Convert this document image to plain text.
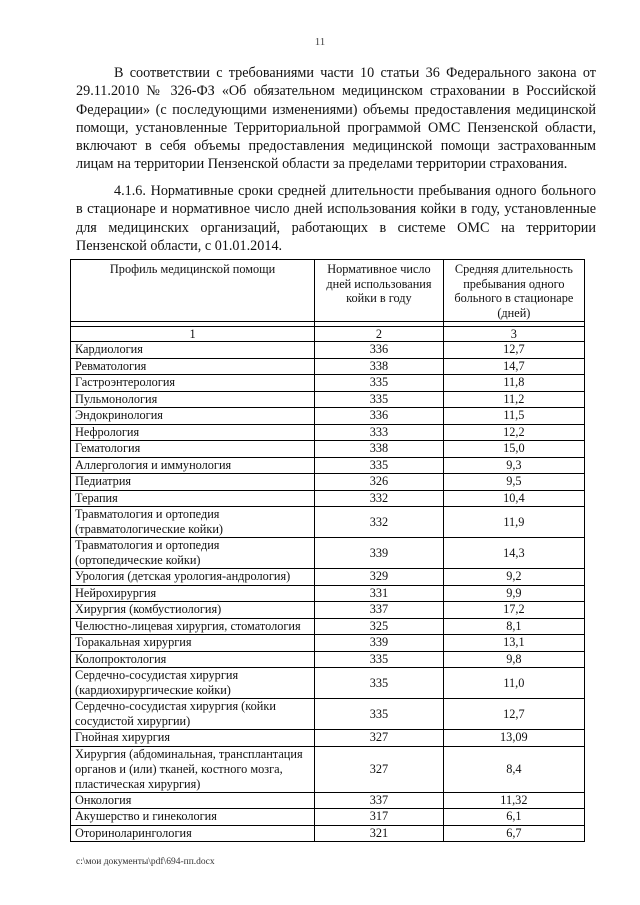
11

В соответствии с требованиями части 10 статьи 36 Федерального закона от 29.11.2010 № 326-ФЗ «Об обязательном медицинском страховании в Российской Федерации» (с последующими изменениями) объемы предоставления медицинской помощи, установленные Территориальной программой ОМС Пензенской области, включают в себя объемы предоставления медицинской помощи застрахованным лицам на территории Пензенской области за пределами территории страхования.

4.1.6. Нормативные сроки средней длительности пребывания одного больного в стационаре и нормативное число дней использования койки в году, установленные для медицинских организаций, работающих в системе ОМС на территории Пензенской области, с 01.01.2014.

Профиль медицинской помощи	Нормативное число дней использования койки в году	Средняя длительность пребывания одного больного в стационаре (дней)

1	2	3
Кардиология	336	12,7
Ревматология	338	14,7
Гастроэнтерология	335	11,8
Пульмонология	335	11,2
Эндокринология	336	11,5
Нефрология	333	12,2
Гематология	338	15,0
Аллергология и иммунология	335	9,3
Педиатрия	326	9,5
Терапия	332	10,4
Травматология и ортопедия (травматологические койки)	332	11,9
Травматология и ортопедия (ортопедические койки)	339	14,3
Урология (детская урология-андрология)	329	9,2
Нейрохирургия	331	9,9
Хирургия (комбустиология)	337	17,2
Челюстно-лицевая хирургия, стоматология	325	8,1
Торакальная хирургия	339	13,1
Колопроктология	335	9,8
Сердечно-сосудистая хирургия (кардиохирургические койки)	335	11,0
Сердечно-сосудистая хирургия (койки сосудистой хирургии)	335	12,7
Гнойная хирургия	327	13,09
Хирургия (абдоминальная, трансплантация органов и (или) тканей, костного мозга, пластическая хирургия)	327	8,4
Онкология	337	11,32
Акушерство и гинекология	317	6,1
Оториноларингология	321	6,7
c:\мои документы\pdf\694-пп.docx
